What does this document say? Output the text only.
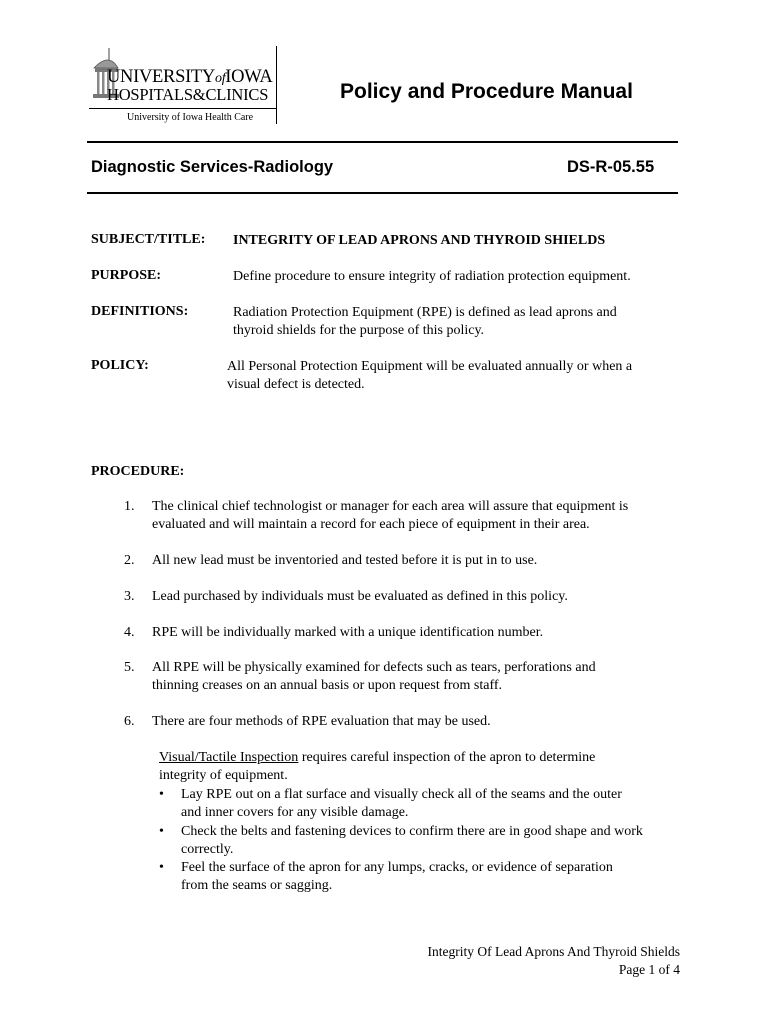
UNIVERSITYofIOWA
HOSPITALS&CLINICS
University of Iowa Health Care
Policy and Procedure Manual
Diagnostic Services-Radiology	DS-R-05.55
SUBJECT/TITLE: INTEGRITY OF LEAD APRONS AND THYROID SHIELDS
PURPOSE:	Define procedure to ensure integrity of radiation protection equipment.
DEFINITIONS:	Radiation Protection Equipment (RPE) is defined as lead aprons and
thyroid shields for the purpose of this policy.
POLICY:	All Personal Protection Equipment will be evaluated annually or when a
visual defect is detected.
PROCEDURE:
1. The clinical chief technologist or manager for each area will assure that equipment is
evaluated and will maintain a record for each piece of equipment in their area.
2. All new lead must be inventoried and tested before it is put in to use.
3. Lead purchased by individuals must be evaluated as defined in this policy.
4. RPE will be individually marked with a unique identification number.
5. All RPE will be physically examined for defects such as tears, perforations and
thinning creases on an annual basis or upon request from staff.
6. There are four methods of RPE evaluation that may be used.
Visual/Tactile Inspection requires careful inspection of the apron to determine
integrity of equipment.
• Lay RPE out on a flat surface and visually check all of the seams and the outer
and inner covers for any visible damage.
• Check the belts and fastening devices to confirm there are in good shape and work
correctly.
• Feel the surface of the apron for any lumps, cracks, or evidence of separation
from the seams or sagging.
Integrity Of Lead Aprons And Thyroid Shields
Page 1 of 4
